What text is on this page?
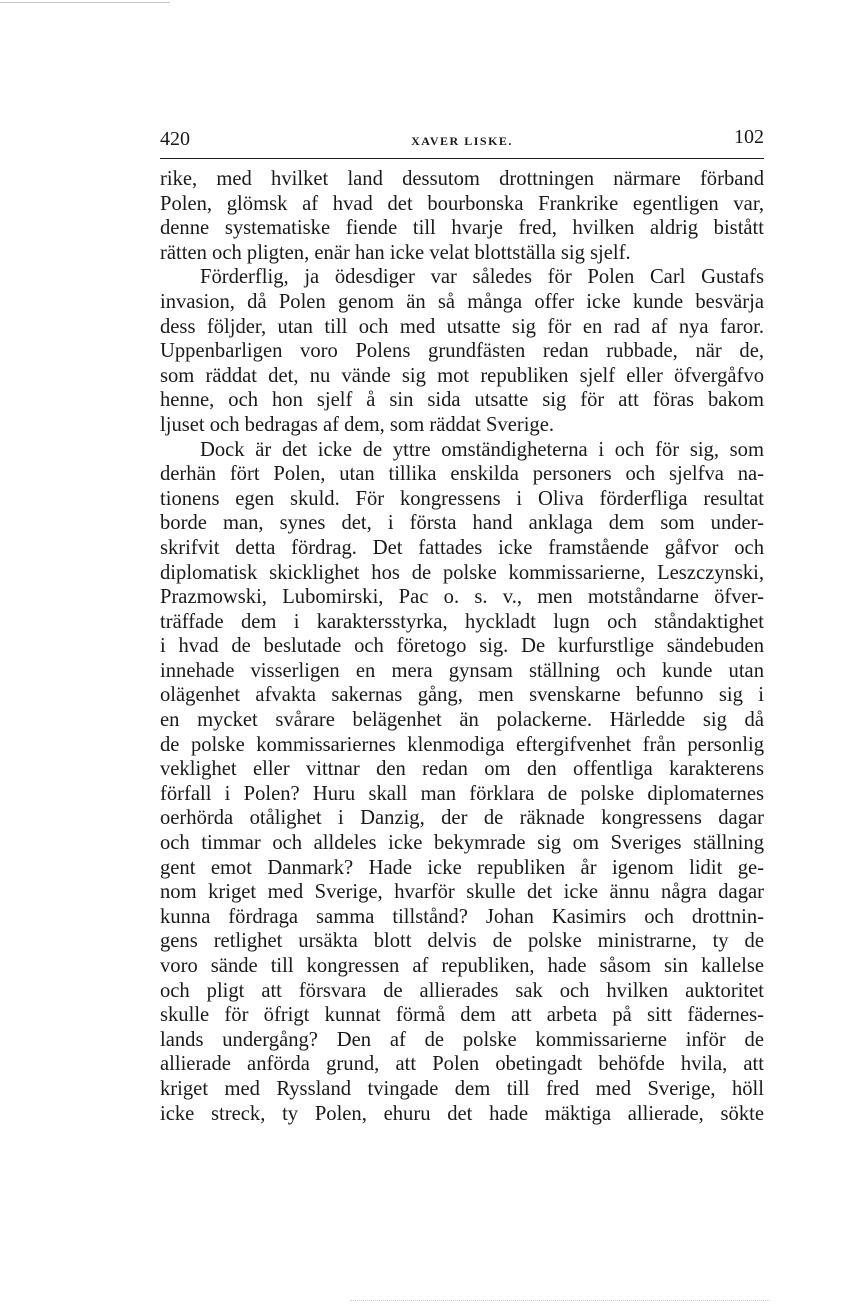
420	XAVER LISKE.	102
rike, med hvilket land dessutom drottningen närmare förband
Polen, glömsk af hvad det bourbonska Frankrike egentligen var,
denne systematiske fiende till hvarje fred, hvilken aldrig bistått
rätten och pligten, enär han icke velat blottställa sig sjelf.
Förderflig, ja ödesdiger var således för Polen Carl Gustafs
invasion, då Polen genom än så många offer icke kunde besvärja
dess följder, utan till och med utsatte sig för en rad af nya faror.
Uppenbarligen voro Polens grundfästen redan rubbade, när de,
som räddat det, nu vände sig mot republiken sjelf eller öfvergåfvo
henne, och hon sjelf å sin sida utsatte sig för att föras bakom
ljuset och bedragas af dem, som räddat Sverige.
Dock är det icke de yttre omständigheterna i och för sig, som
derhän fört Polen, utan tillika enskilda personers och sjelfva na-
tionens egen skuld. För kongressens i Oliva förderfliga resultat
borde man, synes det, i första hand anklaga dem som under-
skrifvit detta fördrag. Det fattades icke framstående gåfvor och
diplomatisk skicklighet hos de polske kommissarierne, Leszczynski,
Prazmowski, Lubomirski, Pac o. s. v., men motståndarne öfver-
träffade dem i karaktersstyrka, hyckladt lugn och ståndaktighet
i hvad de beslutade och företogo sig. De kurfurstlige sändebuden
innehade visserligen en mera gynsam ställning och kunde utan
olägenhet afvakta sakernas gång, men svenskarne befunno sig i
en mycket svårare belägenhet än polackerne. Härledde sig då
de polske kommissariernes klenmodiga eftergifvenhet från personlig
veklighet eller vittnar den redan om den offentliga karakterens
förfall i Polen? Huru skall man förklara de polske diplomaternes
oerhörda otålighet i Danzig, der de räknade kongressens dagar
och timmar och alldeles icke bekymrade sig om Sveriges ställning
gent emot Danmark? Hade icke republiken år igenom lidit ge-
nom kriget med Sverige, hvarför skulle det icke ännu några dagar
kunna fördraga samma tillstånd? Johan Kasimirs och drottnin-
gens retlighet ursäkta blott delvis de polske ministrarne, ty de
voro sände till kongressen af republiken, hade såsom sin kallelse
och pligt att försvara de allierades sak och hvilken auktoritet
skulle för öfrigt kunnat förmå dem att arbeta på sitt fädernes-
lands undergång? Den af de polske kommissarierne inför de
allierade anförda grund, att Polen obetingadt behöfde hvila, att
kriget med Ryssland tvingade dem till fred med Sverige, höll
icke streck, ty Polen, ehuru det hade mäktiga allierade, sökte
